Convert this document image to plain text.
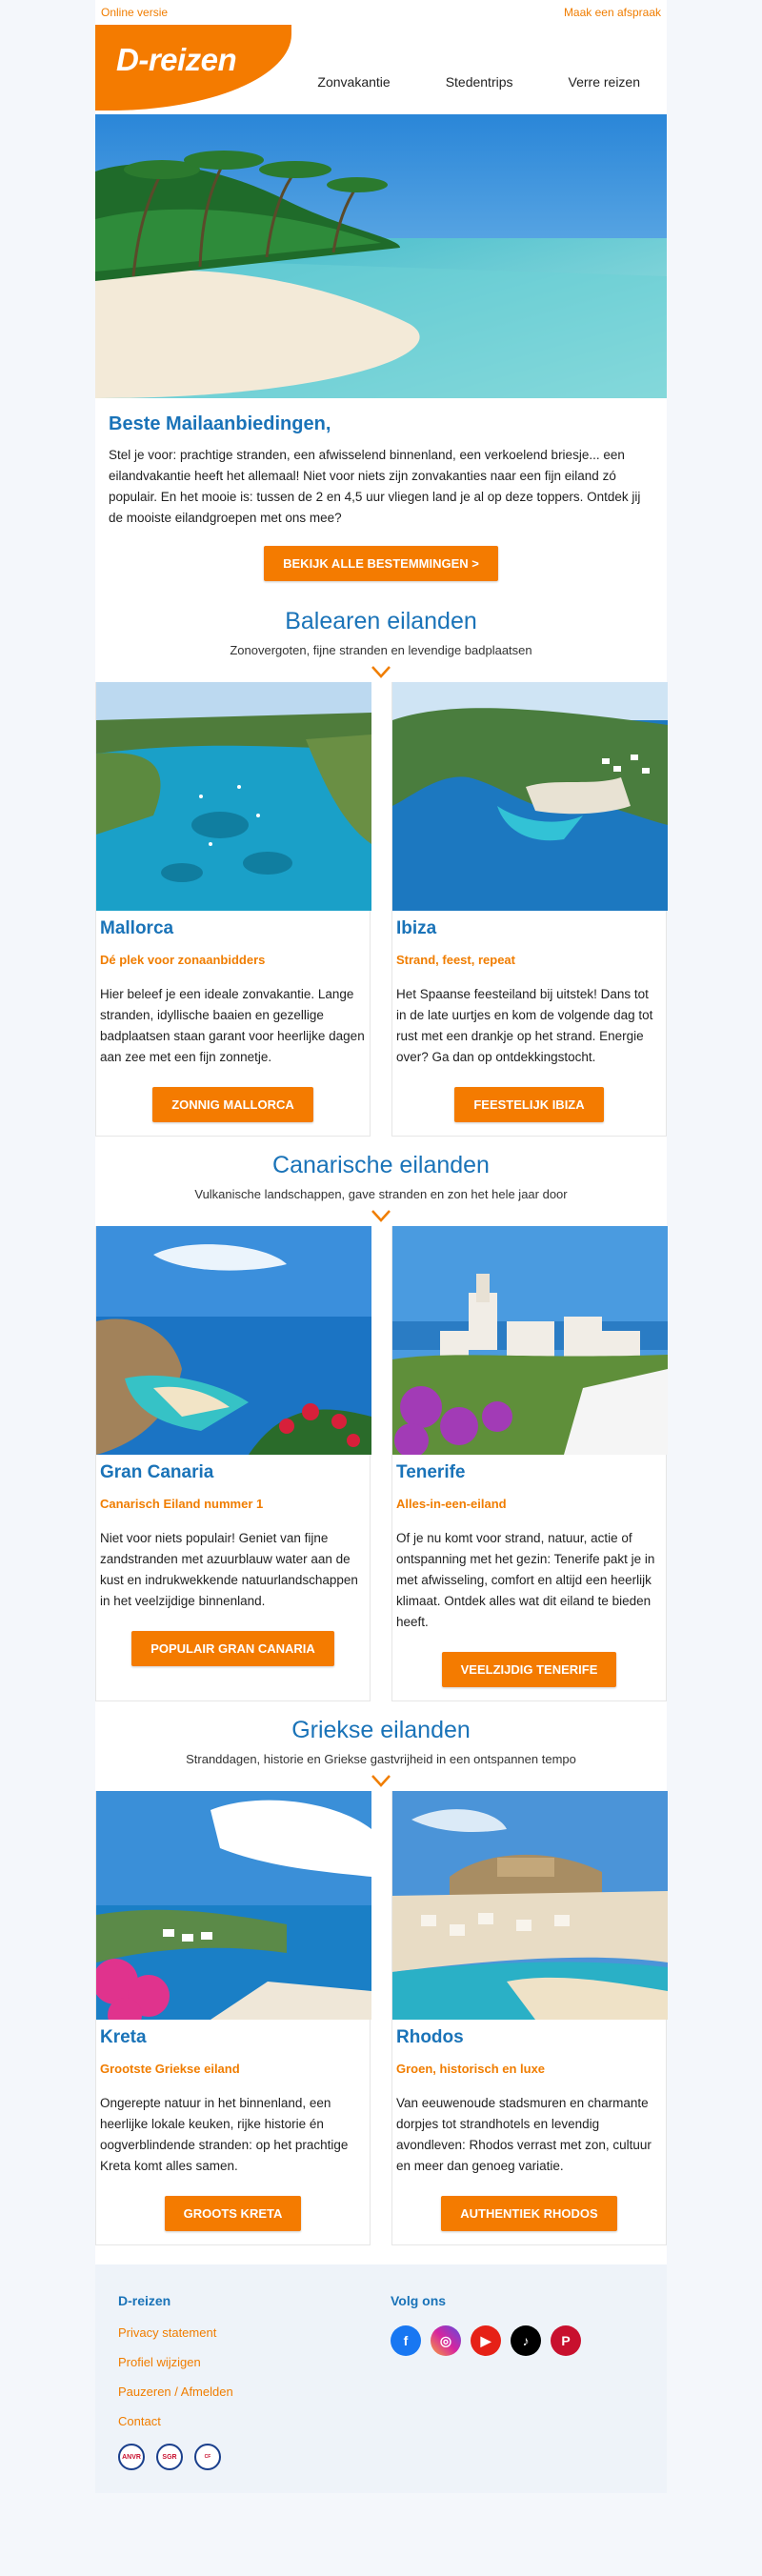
Online versie	Maak een afspraak
D-reizen
Zonvakantie	Stedentrips	Verre reizen
Beste Mailaanbiedingen,

Stel je voor: prachtige stranden, een afwisselend binnenland, een verkoelend briesje... een eilandvakantie heeft het allemaal! Niet voor niets zijn zonvakanties naar een fijn eiland zó populair. En het mooie is: tussen de 2 en 4,5 uur vliegen land je al op deze toppers. Ontdek jij de mooiste eilandgroepen met ons mee?

BEKIJK ALLE BESTEMMINGEN >
Balearen eilanden
Zonovergoten, fijne stranden en levendige badplaatsen
Mallorca
Dé plek voor zonaanbidders

Hier beleef je een ideale zonvakantie. Lange stranden, idyllische baaien en gezellige badplaatsen staan garant voor heerlijke dagen aan zee met een fijn zonnetje.

ZONNIG MALLORCA
Ibiza
Strand, feest, repeat

Het Spaanse feesteiland bij uitstek! Dans tot in de late uurtjes en kom de volgende dag tot rust met een drankje op het strand. Energie over? Ga dan op ontdekkingstocht.

FEESTELIJK IBIZA
Canarische eilanden
Vulkanische landschappen, gave stranden en zon het hele jaar door
Gran Canaria
Canarisch Eiland nummer 1

Niet voor niets populair! Geniet van fijne zandstranden met azuurblauw water aan de kust en indrukwekkende natuurlandschappen in het veelzijdige binnenland.

POPULAIR GRAN CANARIA
Tenerife
Alles-in-een-eiland

Of je nu komt voor strand, natuur, actie of ontspanning met het gezin: Tenerife pakt je in met afwisseling, comfort en altijd een heerlijk klimaat. Ontdek alles wat dit eiland te bieden heeft.

VEELZIJDIG TENERIFE
Griekse eilanden
Stranddagen, historie en Griekse gastvrijheid in een ontspannen tempo
Kreta
Grootste Griekse eiland

Ongerepte natuur in het binnenland, een heerlijke lokale keuken, rijke historie én oogverblindende stranden: op het prachtige Kreta komt alles samen.

GROOTS KRETA
Rhodos
Groen, historisch en luxe

Van eeuwenoude stadsmuren en charmante dorpjes tot strandhotels en levendig avondleven: Rhodos verrast met zon, cultuur en meer dan genoeg variatie.

AUTHENTIEK RHODOS
D-reizen
Privacy statement
Profiel wijzigen
Pauzeren / Afmelden
Contact
ANVR	SGR	CF
Volg ons
f	◎	▶	♪	P
